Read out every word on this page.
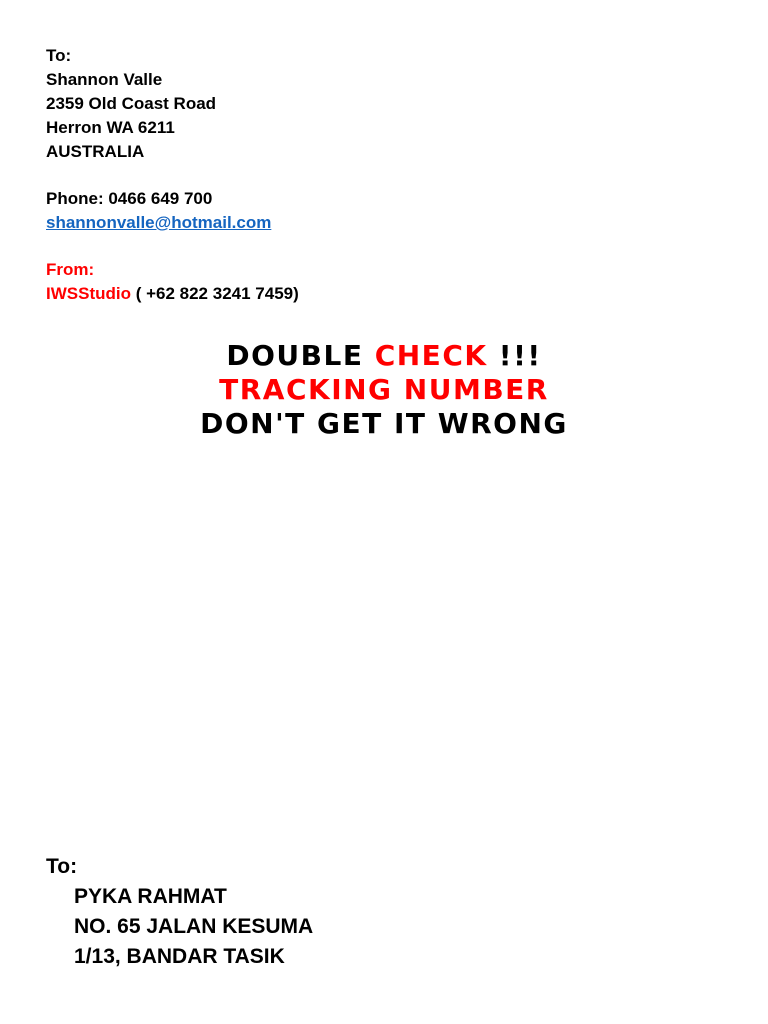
To:
Shannon Valle
2359 Old Coast Road
Herron WA 6211
AUSTRALIA
Phone: 0466 649 700
shannonvalle@hotmail.com
From:
IWSStudio ( +62 822 3241 7459)
DOUBLE CHECK !!!
TRACKING NUMBER
DON'T GET IT WRONG
To:
PYKA RAHMAT
NO. 65 JALAN KESUMA
1/13, BANDAR TASIK
